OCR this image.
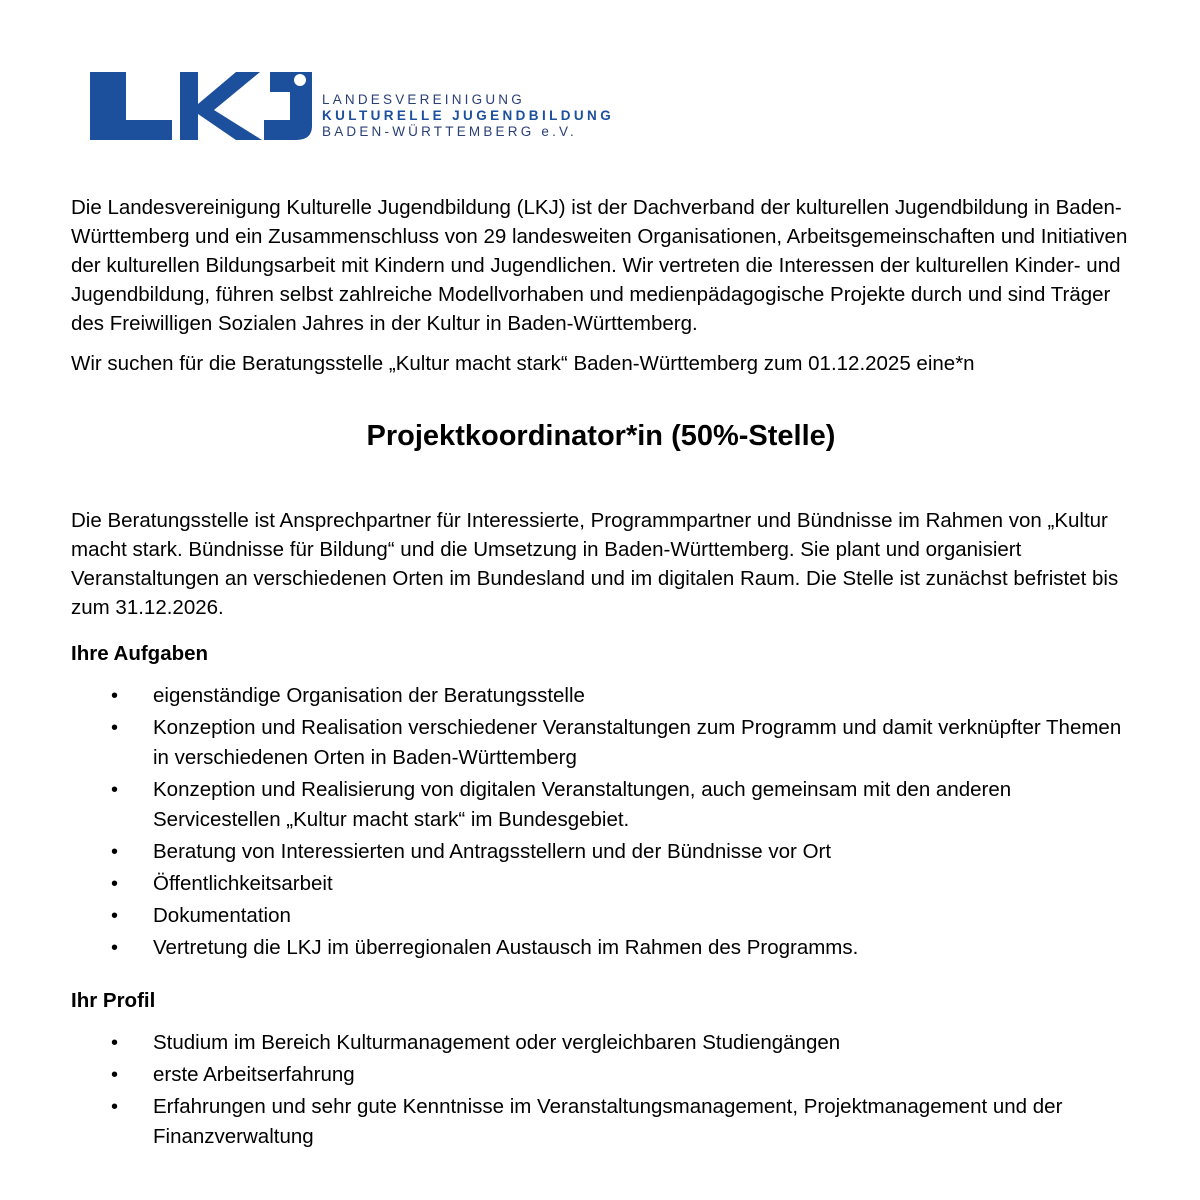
LANDESVEREINIGUNG
KULTURELLE JUGENDBILDUNG
BADEN-WÜRTTEMBERG e.V.

Die Landesvereinigung Kulturelle Jugendbildung (LKJ) ist der Dachverband der kulturellen Jugendbildung in Baden-Württemberg und ein Zusammenschluss von 29 landesweiten Organisationen, Arbeitsgemeinschaften und Initiativen der kulturellen Bildungsarbeit mit Kindern und Jugendlichen. Wir vertreten die Interessen der kulturellen Kinder- und Jugendbildung, führen selbst zahlreiche Modellvorhaben und medienpädagogische Projekte durch und sind Träger des Freiwilligen Sozialen Jahres in der Kultur in Baden-Württemberg.

Wir suchen für die Beratungsstelle „Kultur macht stark“ Baden-Württemberg zum 01.12.2025 eine*n

Projektkoordinator*in (50%-Stelle)

Die Beratungsstelle ist Ansprechpartner für Interessierte, Programmpartner und Bündnisse im Rahmen von „Kultur macht stark. Bündnisse für Bildung“ und die Umsetzung in Baden-Württemberg. Sie plant und organisiert Veranstaltungen an verschiedenen Orten im Bundesland und im digitalen Raum. Die Stelle ist zunächst befristet bis zum 31.12.2026.

Ihre Aufgaben
• eigenständige Organisation der Beratungsstelle
• Konzeption und Realisation verschiedener Veranstaltungen zum Programm und damit verknüpfter Themen in verschiedenen Orten in Baden-Württemberg
• Konzeption und Realisierung von digitalen Veranstaltungen, auch gemeinsam mit den anderen Servicestellen „Kultur macht stark“ im Bundesgebiet.
• Beratung von Interessierten und Antragsstellern und der Bündnisse vor Ort
• Öffentlichkeitsarbeit
• Dokumentation
• Vertretung die LKJ im überregionalen Austausch im Rahmen des Programms.
Ihr Profil
• Studium im Bereich Kulturmanagement oder vergleichbaren Studiengängen
• erste Arbeitserfahrung
• Erfahrungen und sehr gute Kenntnisse im Veranstaltungsmanagement, Projektmanagement und der Finanzverwaltung
